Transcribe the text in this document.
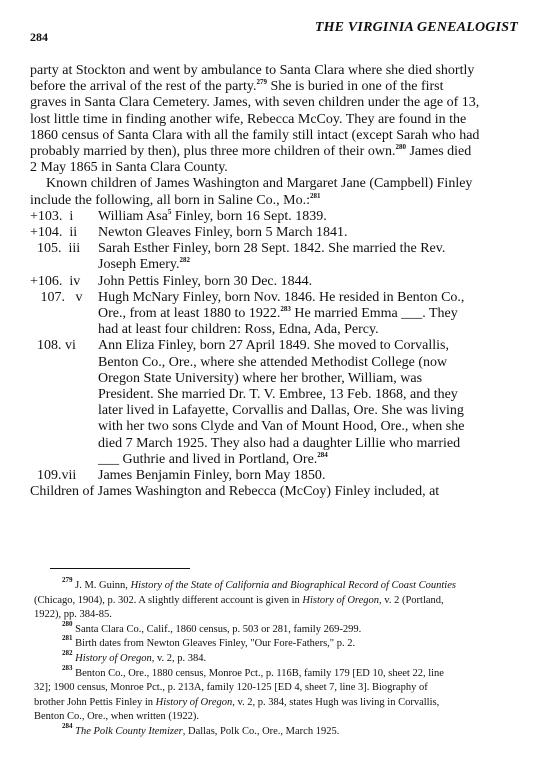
284
THE VIRGINIA GENEALOGIST
party at Stockton and went by ambulance to Santa Clara where she died shortly
before the arrival of the rest of the party.$^{279}$ She is buried in one of the first
graves in Santa Clara Cemetery. James, with seven children under the age of 13,
lost little time in finding another wife, Rebecca McCoy. They are found in the
1860 census of Santa Clara with all the family still intact (except Sarah who had
probably married by then), plus three more children of their own.$^{280}$ James died
2 May 1865 in Santa Clara County.
Known children of James Washington and Margaret Jane (Campbell) Finley
include the following, all born in Saline Co., Mo.:$^{281}$
+103.  i	William Asa$^5$ Finley, born 16 Sept. 1839.
+104.  ii	Newton Gleaves Finley, born 5 March 1841.
105.  iii	Sarah Esther Finley, born 28 Sept. 1842. She married the Rev.
Joseph Emery.$^{282}$
+106.  iv	John Pettis Finley, born 30 Dec. 1844.
107.   v	Hugh McNary Finley, born Nov. 1846. He resided in Benton Co.,
Ore., from at least 1880 to 1922.$^{283}$ He married Emma ___. They
had at least four children: Ross, Edna, Ada, Percy.
108. vi	Ann Eliza Finley, born 27 April 1849. She moved to Corvallis,
Benton Co., Ore., where she attended Methodist College (now
Oregon State University) where her brother, William, was
President. She married Dr. T. V. Embree, 13 Feb. 1868, and they
later lived in Lafayette, Corvallis and Dallas, Ore. She was living
with her two sons Clyde and Van of Mount Hood, Ore., when she
died 7 March 1925. They also had a daughter Lillie who married
___ Guthrie and lived in Portland, Ore.$^{284}$
109.vii	James Benjamin Finley, born May 1850.
Children of James Washington and Rebecca (McCoy) Finley included, at
$^{279}$ J. M. Guinn, History of the State of California and Biographical Record of Coast Counties
(Chicago, 1904), p. 302. A slightly different account is given in History of Oregon, v. 2 (Portland,
1922), pp. 384-85.
$^{280}$ Santa Clara Co., Calif., 1860 census, p. 503 or 281, family 269-299.
$^{281}$ Birth dates from Newton Gleaves Finley, "Our Fore-Fathers," p. 2.
$^{282}$ History of Oregon, v. 2, p. 384.
$^{283}$ Benton Co., Ore., 1880 census, Monroe Pct., p. 116B, family 179 [ED 10, sheet 22, line
32]; 1900 census, Monroe Pct., p. 213A, family 120-125 [ED 4, sheet 7, line 3]. Biography of
brother John Pettis Finley in History of Oregon, v. 2, p. 384, states Hugh was living in Corvallis,
Benton Co., Ore., when written (1922).
$^{284}$ The Polk County Itemizer, Dallas, Polk Co., Ore., March 1925.
